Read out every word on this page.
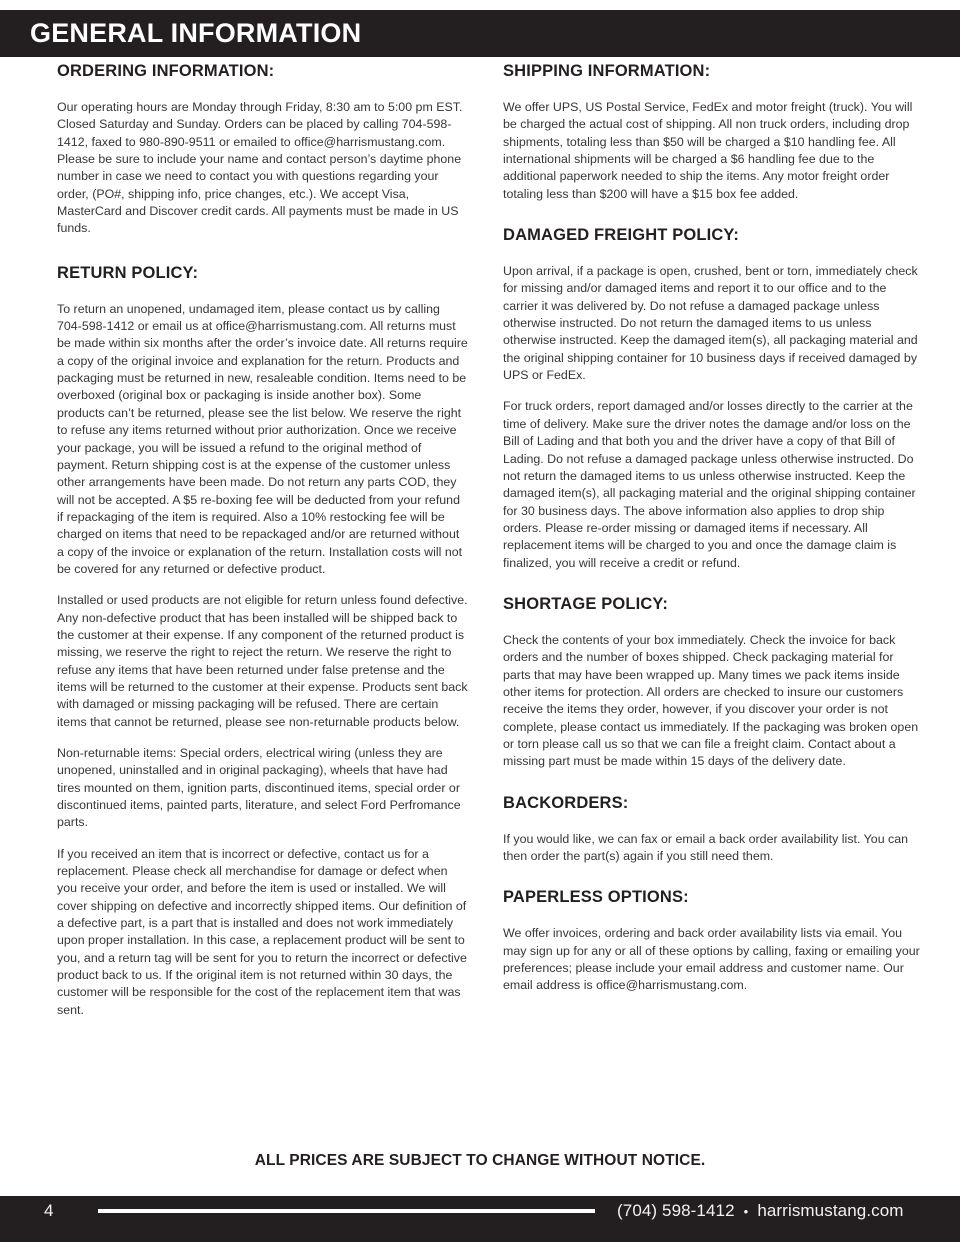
GENERAL INFORMATION
ORDERING INFORMATION:

Our operating hours are Monday through Friday, 8:30 am to 5:00 pm EST. Closed Saturday and Sunday. Orders can be placed by calling 704-598-1412, faxed to 980-890-9511 or emailed to office@harrismustang.com. Please be sure to include your name and contact person’s daytime phone number in case we need to contact you with questions regarding your order, (PO#, shipping info, price changes, etc.). We accept Visa, MasterCard and Discover credit cards. All payments must be made in US funds.

RETURN POLICY:

To return an unopened, undamaged item, please contact us by calling 704-598-1412 or email us at office@harrismustang.com. All returns must be made within six months after the order’s invoice date. All returns require a copy of the original invoice and explanation for the return. Products and packaging must be returned in new, resaleable condition. Items need to be overboxed (original box or packaging is inside another box). Some products can’t be returned, please see the list below. We reserve the right to refuse any items returned without prior authorization. Once we receive your package, you will be issued a refund to the original method of payment. Return shipping cost is at the expense of the customer unless other arrangements have been made. Do not return any parts COD, they will not be accepted. A $5 re-boxing fee will be deducted from your refund if repackaging of the item is required. Also a 10% restocking fee will be charged on items that need to be repackaged and/or are returned without a copy of the invoice or explanation of the return. Installation costs will not be covered for any returned or defective product.

Installed or used products are not eligible for return unless found defective. Any non-defective product that has been installed will be shipped back to the customer at their expense. If any component of the returned product is missing, we reserve the right to reject the return. We reserve the right to refuse any items that have been returned under false pretense and the items will be returned to the customer at their expense. Products sent back with damaged or missing packaging will be refused. There are certain items that cannot be returned, please see non-returnable products below.

Non-returnable items: Special orders, electrical wiring (unless they are unopened, uninstalled and in original packaging), wheels that have had tires mounted on them, ignition parts, discontinued items, special order or discontinued items, painted parts, literature, and select Ford Perfromance parts.

If you received an item that is incorrect or defective, contact us for a replacement. Please check all merchandise for damage or defect when you receive your order, and before the item is used or installed. We will cover shipping on defective and incorrectly shipped items. Our definition of a defective part, is a part that is installed and does not work immediately upon proper installation. In this case, a replacement product will be sent to you, and a return tag will be sent for you to return the incorrect or defective product back to us. If the original item is not returned within 30 days, the customer will be responsible for the cost of the replacement item that was sent.

SHIPPING INFORMATION:

We offer UPS, US Postal Service, FedEx and motor freight (truck). You will be charged the actual cost of shipping. All non truck orders, including drop shipments, totaling less than $50 will be charged a $10 handling fee. All international shipments will be charged a $6 handling fee due to the additional paperwork needed to ship the items. Any motor freight order totaling less than $200 will have a $15 box fee added.

DAMAGED FREIGHT POLICY:

Upon arrival, if a package is open, crushed, bent or torn, immediately check for missing and/or damaged items and report it to our office and to the carrier it was delivered by. Do not refuse a damaged package unless otherwise instructed. Do not return the damaged items to us unless otherwise instructed. Keep the damaged item(s), all packaging material and the original shipping container for 10 business days if received damaged by UPS or FedEx.

For truck orders, report damaged and/or losses directly to the carrier at the time of delivery. Make sure the driver notes the damage and/or loss on the Bill of Lading and that both you and the driver have a copy of that Bill of Lading. Do not refuse a damaged package unless otherwise instructed. Do not return the damaged items to us unless otherwise instructed. Keep the damaged item(s), all packaging material and the original shipping container for 30 business days. The above information also applies to drop ship orders. Please re-order missing or damaged items if necessary. All replacement items will be charged to you and once the damage claim is finalized, you will receive a credit or refund.

SHORTAGE POLICY:

Check the contents of your box immediately. Check the invoice for back orders and the number of boxes shipped. Check packaging material for parts that may have been wrapped up. Many times we pack items inside other items for protection. All orders are checked to insure our customers receive the items they order, however, if you discover your order is not complete, please contact us immediately. If the packaging was broken open or torn please call us so that we can file a freight claim. Contact about a missing part must be made within 15 days of the delivery date.

BACKORDERS:

If you would like, we can fax or email a back order availability list. You can then order the part(s) again if you still need them.

PAPERLESS OPTIONS:

We offer invoices, ordering and back order availability lists via email. You may sign up for any or all of these options by calling, faxing or emailing your preferences; please include your email address and customer name. Our email address is office@harrismustang.com.

ALL PRICES ARE SUBJECT TO CHANGE WITHOUT NOTICE.
4	(704) 598-1412 • harrismustang.com
